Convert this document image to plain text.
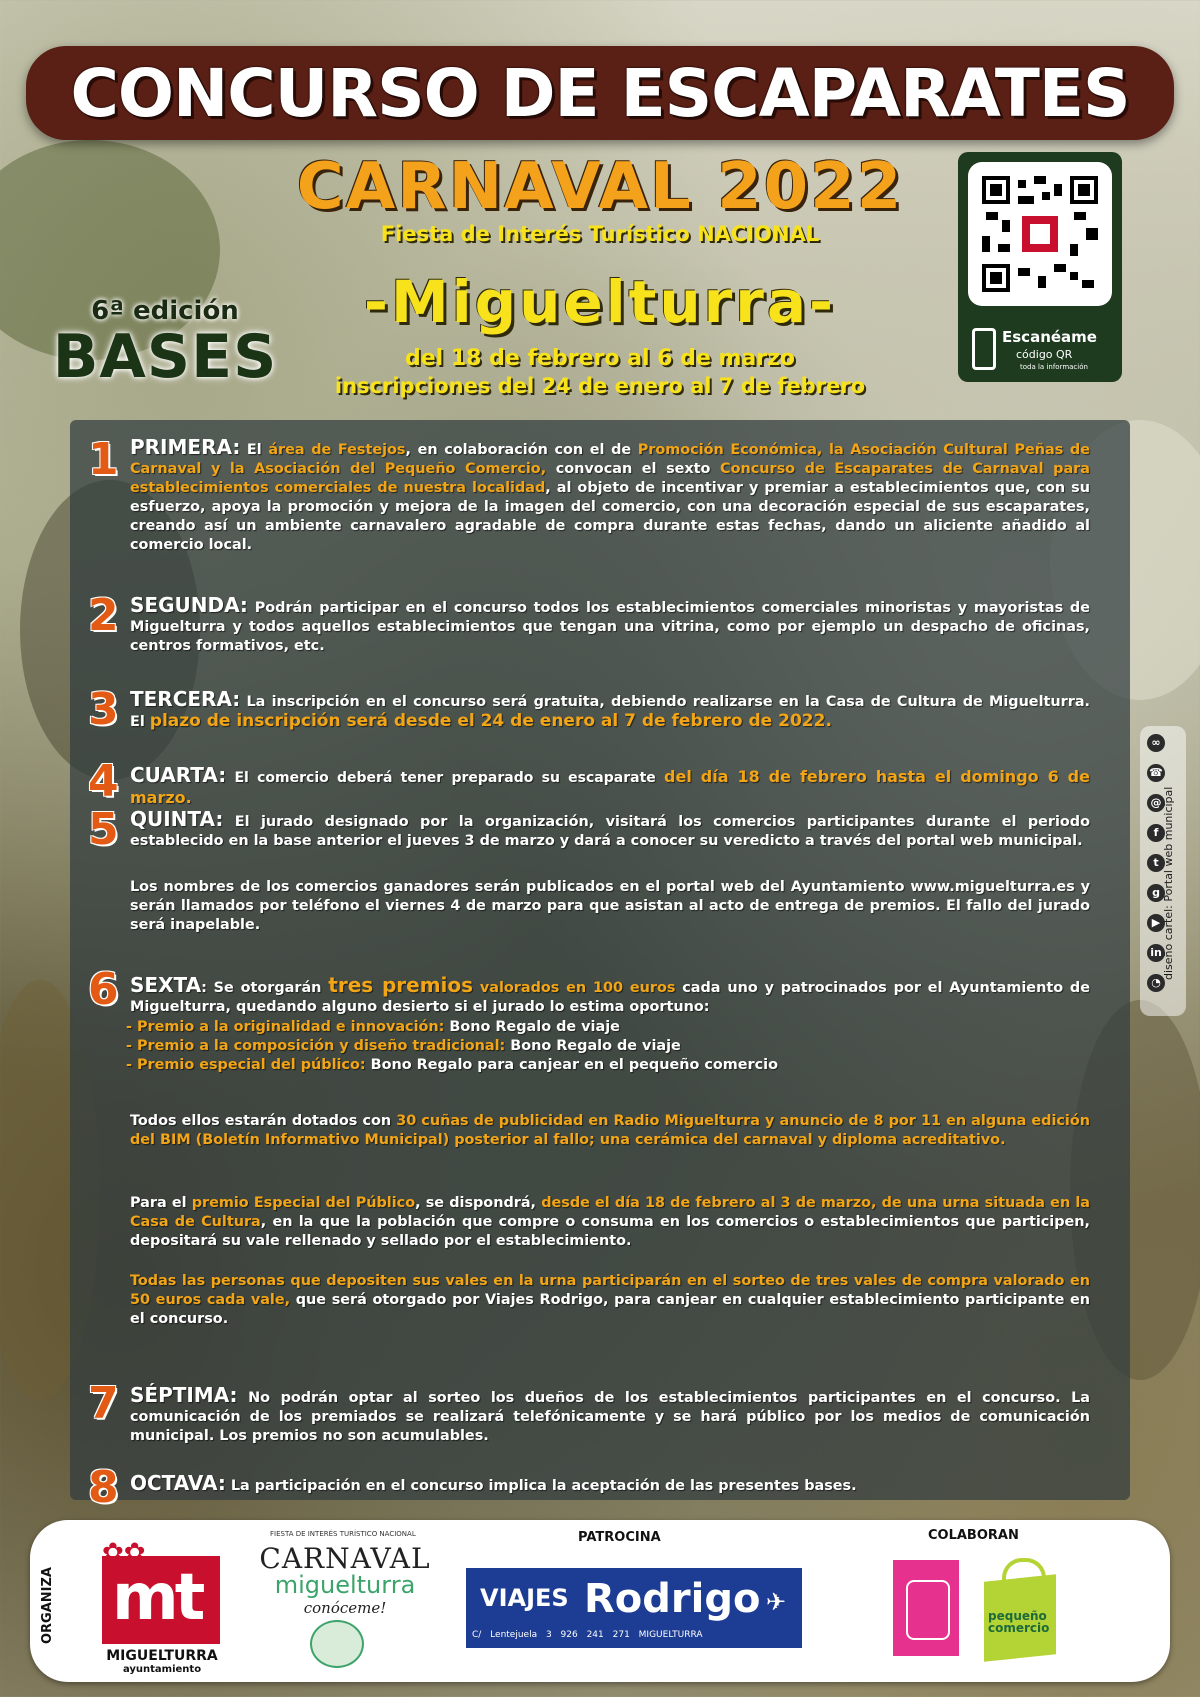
CONCURSO DE ESCAPARATES
CARNAVAL 2022
Fiesta de Interés Turístico NACIONAL
-Miguelturra-
del 18 de febrero al 6 de marzo
inscripciones del 24 de enero al 7 de febrero
6ª edición
BASES	Escanéame
código QR
toda la información
1 PRIMERA: El área de Festejos, en colaboración con el de Promoción Económica, la Asociación Cultural Peñas de Carnaval y la Asociación del Pequeño Comercio, convocan el sexto Concurso de Escaparates de Carnaval para establecimientos comerciales de nuestra localidad, al objeto de incentivar y premiar a establecimientos que, con su esfuerzo, apoya la promoción y mejora de la imagen del comercio, con una decoración especial de sus escaparates, creando así un ambiente carnavalero agradable de compra durante estas fechas, dando un aliciente añadido al comercio local.
2 SEGUNDA: Podrán participar en el concurso todos los establecimientos comerciales minoristas y mayoristas de Miguelturra y todos aquellos establecimientos que tengan una vitrina, como por ejemplo un despacho de oficinas, centros formativos, etc.
3 TERCERA: La inscripción en el concurso será gratuita, debiendo realizarse en la Casa de Cultura de Miguelturra. El plazo de inscripción será desde el 24 de enero al 7 de febrero de 2022.
4 CUARTA: El comercio deberá tener preparado su escaparate del día 18 de febrero hasta el domingo 6 de marzo.
5 QUINTA: El jurado designado por la organización, visitará los comercios participantes durante el periodo establecido en la base anterior el jueves 3 de marzo y dará a conocer su veredicto a través del portal web municipal.
Los nombres de los comercios ganadores serán publicados en el portal web del Ayuntamiento www.miguelturra.es y serán llamados por teléfono el viernes 4 de marzo para que asistan al acto de entrega de premios. El fallo del jurado será inapelable.
6 SEXTA: Se otorgarán tres premios valorados en 100 euros cada uno y patrocinados por el Ayuntamiento de Miguelturra, quedando alguno desierto si el jurado lo estima oportuno:
- Premio a la originalidad e innovación: Bono Regalo de viaje
- Premio a la composición y diseño tradicional: Bono Regalo de viaje
- Premio especial del público: Bono Regalo para canjear en el pequeño comercio
Todos ellos estarán dotados con 30 cuñas de publicidad en Radio Miguelturra y anuncio de 8 por 11 en alguna edición del BIM (Boletín Informativo Municipal) posterior al fallo; una cerámica del carnaval y diploma acreditativo.
Para el premio Especial del Público, se dispondrá, desde el día 18 de febrero al 3 de marzo, de una urna situada en la Casa de Cultura, en la que la población que compre o consuma en los comercios o establecimientos que participen, depositará su vale rellenado y sellado por el establecimiento.
Todas las personas que depositen sus vales en la urna participarán en el sorteo de tres vales de compra valorado en 50 euros cada vale, que será otorgado por Viajes Rodrigo, para canjear en cualquier establecimiento participante en el concurso.
7 SÉPTIMA: No podrán optar al sorteo los dueños de los establecimientos participantes en el concurso. La comunicación de los premiados se realizará telefónicamente y se hará público por los medios de comunicación municipal. Los premios no son acumulables.
8 OCTAVA: La participación en el concurso implica la aceptación de las presentes bases.
∞
☎
@
f
t
g
▶
in
◔
diseño cartel: Portal web municipal
ORGANIZA
✿✿
mt
MIGUELTURRA
ayuntamiento
FIESTA DE INTERÉS TURÍSTICO NACIONAL
CARNAVAL
miguelturra
conóceme!
PATROCINA
VIAJES Rodrigo ✈
C/ Lentejuela 3 926 241 271 MIGUELTURRA
COLABORAN
pequeño comercio
